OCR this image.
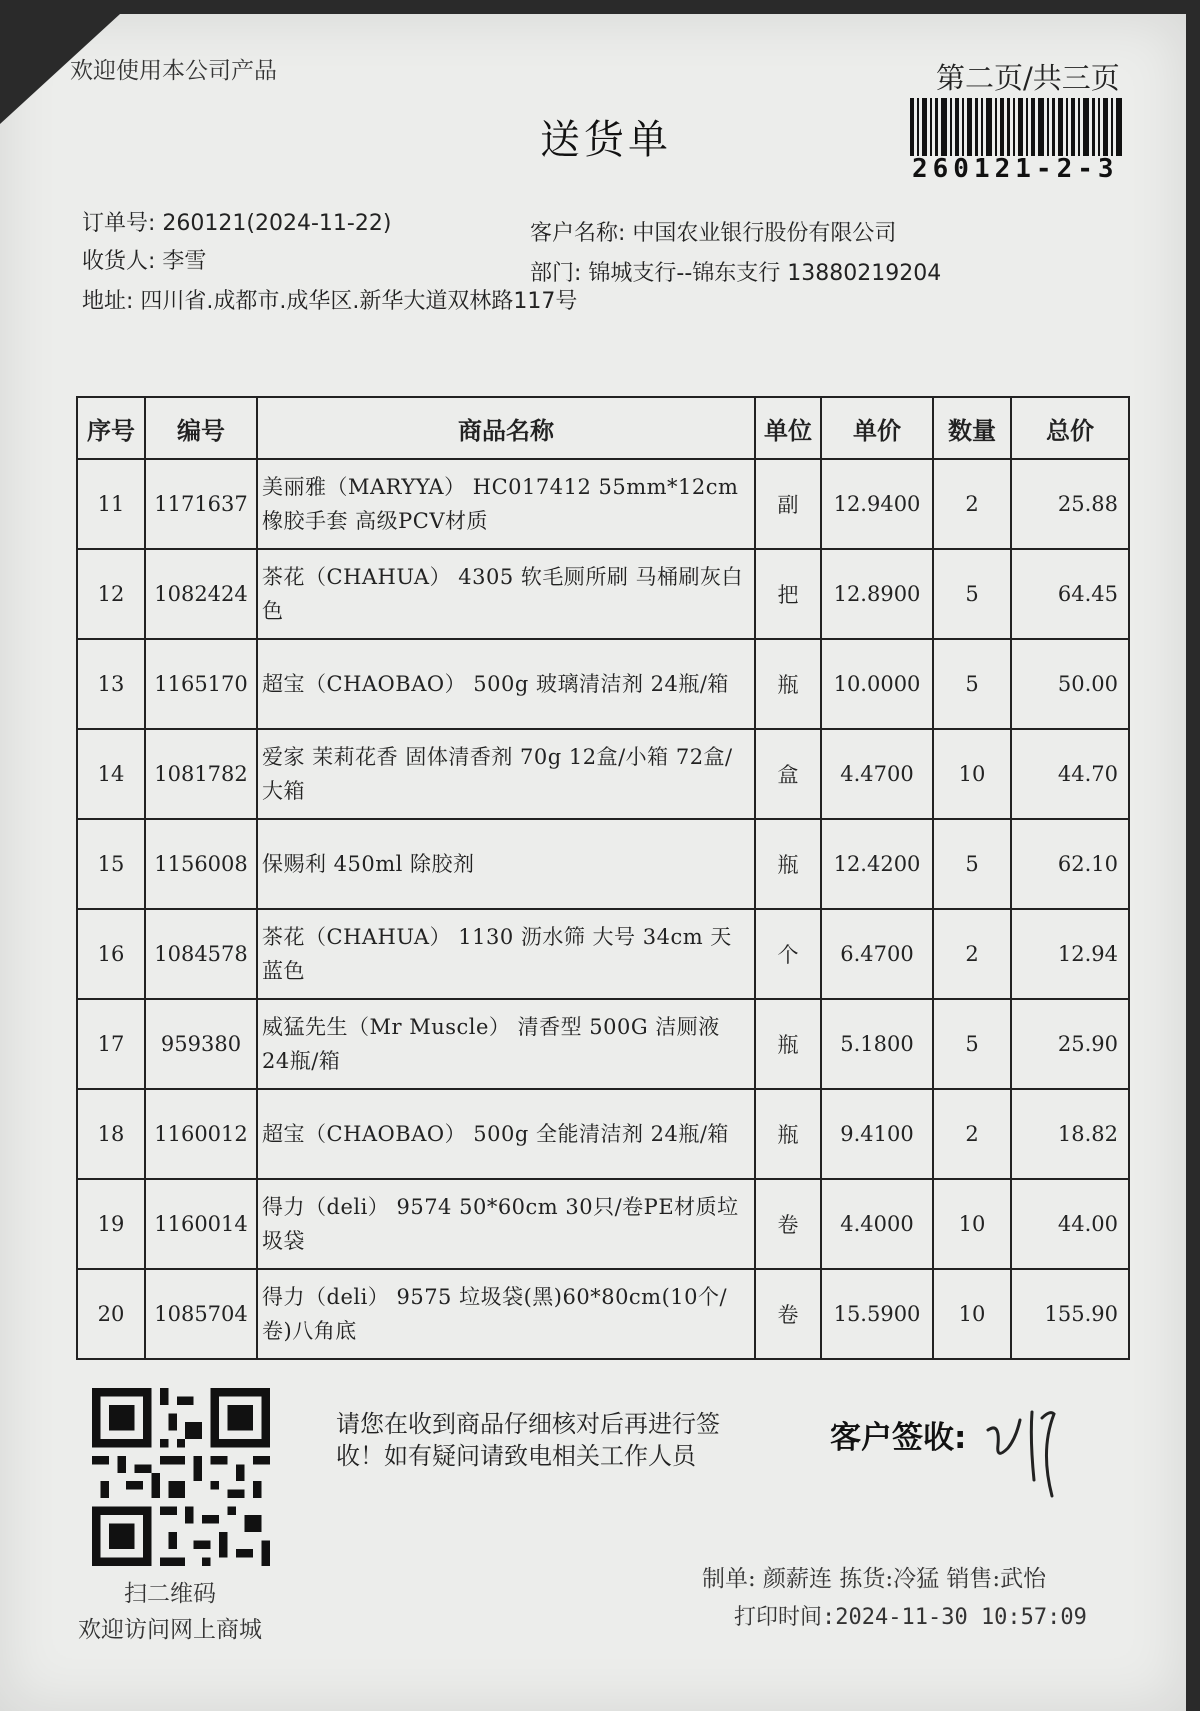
欢迎使用本公司产品	第二页/共三页
260121-2-3
送货单
订单号: 260121(2024-11-22)
收货人: 李雪
地址: 四川省.成都市.成华区.新华大道双林路117号
客户名称: 中国农业银行股份有限公司
部门: 锦城支行--锦东支行 13880219204
序号	编号	商品名称	单位	单价	数量	总价
11	1171637	美丽雅（MARYYA） HC017412 55mm*12cm 橡胶手套 高级PCV材质	副	12.9400	2	25.88
12	1082424	茶花（CHAHUA） 4305 软毛厕所刷 马桶刷灰白色	把	12.8900	5	64.45
13	1165170	超宝（CHAOBAO） 500g 玻璃清洁剂 24瓶/箱	瓶	10.0000	5	50.00
14	1081782	爱家 茉莉花香 固体清香剂 70g 12盒/小箱 72盒/大箱	盒	4.4700	10	44.70
15	1156008	保赐利 450ml 除胶剂	瓶	12.4200	5	62.10
16	1084578	茶花（CHAHUA） 1130 沥水筛 大号 34cm 天蓝色	个	6.4700	2	12.94
17	959380	威猛先生（Mr Muscle） 清香型 500G 洁厕液 24瓶/箱	瓶	5.1800	5	25.90
18	1160012	超宝（CHAOBAO） 500g 全能清洁剂 24瓶/箱	瓶	9.4100	2	18.82
19	1160014	得力（deli） 9574 50*60cm 30只/卷PE材质垃圾袋	卷	4.4000	10	44.00
20	1085704	得力（deli） 9575 垃圾袋(黑)60*80cm(10个/卷)八角底	卷	15.5900	10	155.90
扫二维码
欢迎访问网上商城
请您在收到商品仔细核对后再进行签收！如有疑问请致电相关工作人员	客户签收:
制单: 颜薪连 拣货:冷猛 销售:武怡
打印时间:2024-11-30 10:57:09
